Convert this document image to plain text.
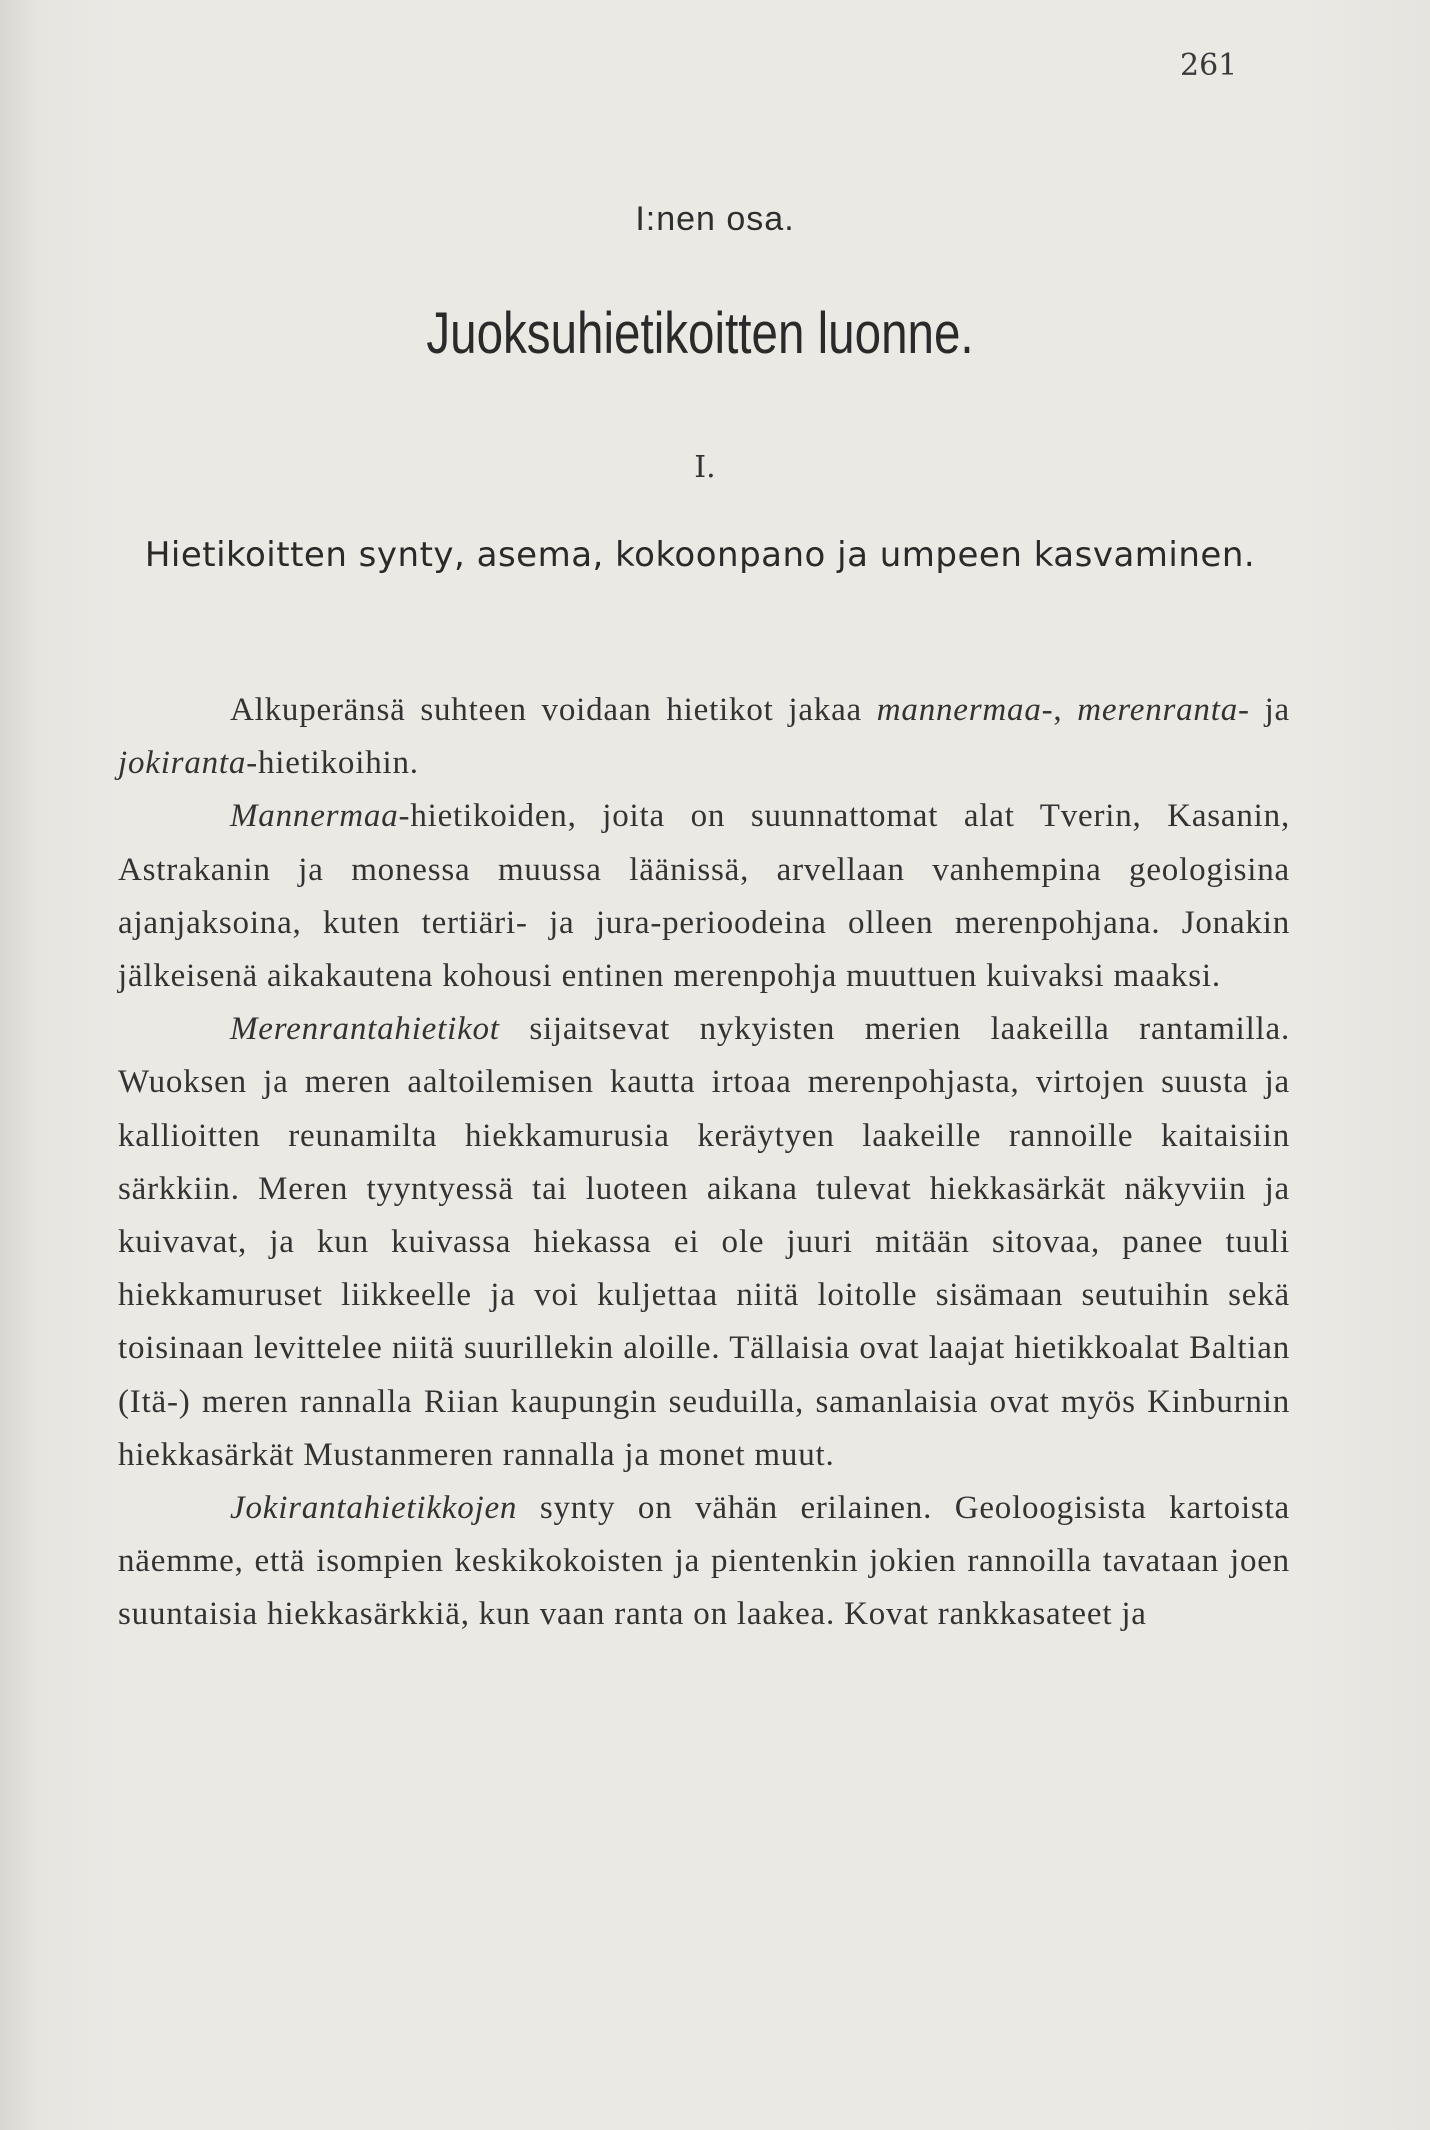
261
I:nen osa.
Juoksuhietikoitten luonne.
I.
Hietikoitten synty, asema, kokoonpano ja umpeen kasvaminen.

Alkuperänsä suhteen voidaan hietikot jakaa mannermaa-, merenranta- ja jokiranta-hietikoihin.

Mannermaa-hietikoiden, joita on suunnattomat alat Tverin, Kasanin, Astrakanin ja monessa muussa läänissä, arvellaan vanhempina geologisina ajanjaksoina, kuten tertiäri- ja jura-perioodeina olleen merenpohjana. Jonakin jälkeisenä aikakautena kohousi entinen merenpohja muuttuen kuivaksi maaksi.

Merenrantahietikot sijaitsevat nykyisten merien laakeilla rantamilla. Wuoksen ja meren aaltoilemisen kautta irtoaa merenpohjasta, virtojen suusta ja kallioitten reunamilta hiekkamurusia keräytyen laakeille rannoille kaitaisiin särkkiin. Meren tyyntyessä tai luoteen aikana tulevat hiekkasärkät näkyviin ja kuivavat, ja kun kuivassa hiekassa ei ole juuri mitään sitovaa, panee tuuli hiekkamuruset liikkeelle ja voi kuljettaa niitä loitolle sisämaan seutuihin sekä toisinaan levittelee niitä suurillekin aloille. Tällaisia ovat laajat hietikkoalat Baltian (Itä-) meren rannalla Riian kaupungin seuduilla, samanlaisia ovat myös Kinburnin hiekkasärkät Mustanmeren rannalla ja monet muut.

Jokirantahietikkojen synty on vähän erilainen. Geoloogisista kartoista näemme, että isompien keskikokoisten ja pientenkin jokien rannoilla tavataan joen suuntaisia hiekkasärkkiä, kun vaan ranta on laakea. Kovat rankkasateet ja
